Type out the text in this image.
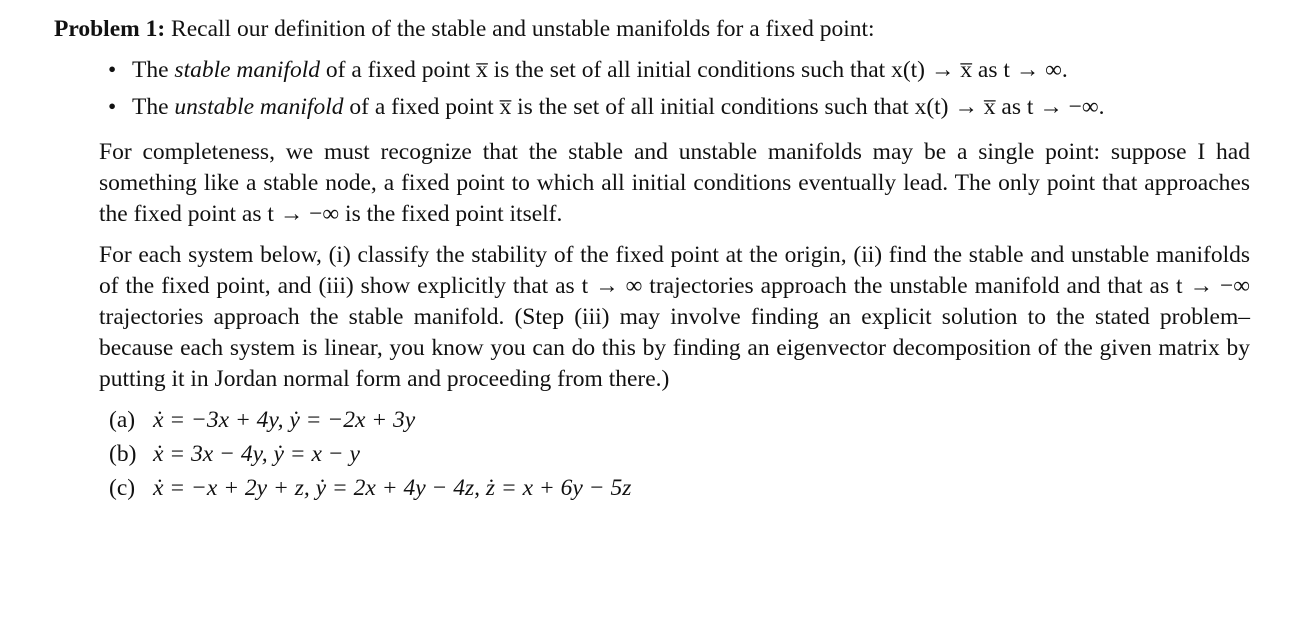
Problem 1: Recall our definition of the stable and unstable manifolds for a fixed point:

• The stable manifold of a fixed point x̅ is the set of all initial conditions such that x(t) → x̅ as t → ∞.
• The unstable manifold of a fixed point x̅ is the set of all initial conditions such that x(t) → x̅ as t → −∞.

For completeness, we must recognize that the stable and unstable manifolds may be a single point: suppose I had something like a stable node, a fixed point to which all initial conditions eventually lead. The only point that approaches the fixed point as t → −∞ is the fixed point itself.

For each system below, (i) classify the stability of the fixed point at the origin, (ii) find the stable and unstable manifolds of the fixed point, and (iii) show explicitly that as t → ∞ trajectories approach the unstable manifold and that as t → −∞ trajectories approach the stable manifold. (Step (iii) may involve finding an explicit solution to the stated problem–because each system is linear, you know you can do this by finding an eigenvector decomposition of the given matrix by putting it in Jordan normal form and proceeding from there.)

(a) ẋ = −3x + 4y, ẏ = −2x + 3y
(b) ẋ = 3x − 4y, ẏ = x − y
(c) ẋ = −x + 2y + z, ẏ = 2x + 4y − 4z, ż = x + 6y − 5z
